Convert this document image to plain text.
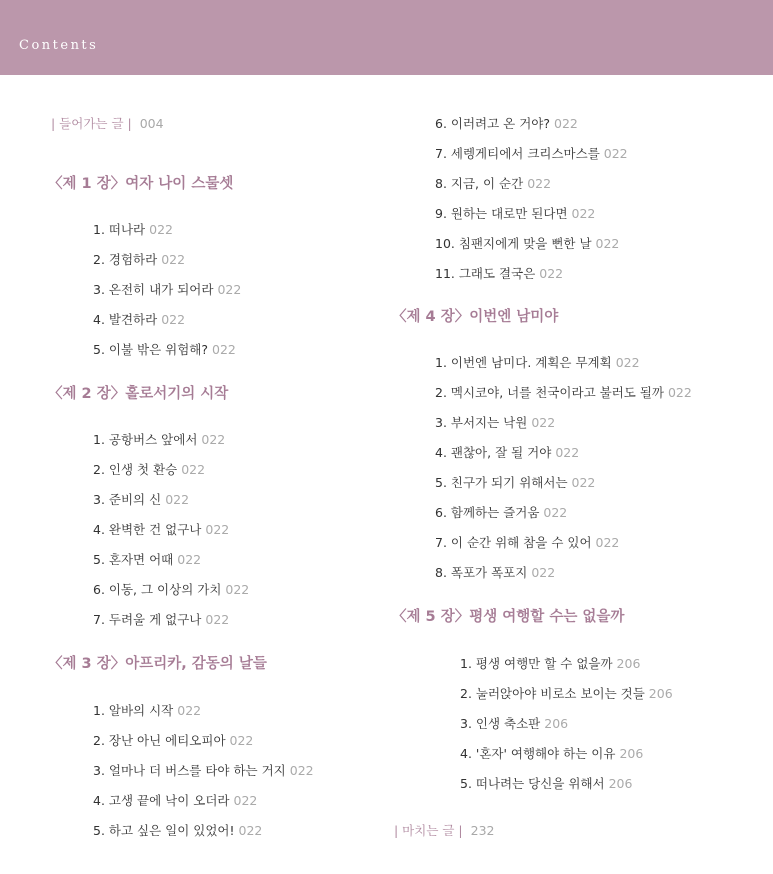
Contents
| 들어가는 글 | 004
〈제 1 장〉여자 나이 스물셋
1. 떠나라 022
2. 경험하라 022
3. 온전히 내가 되어라 022
4. 발견하라 022
5. 이불 밖은 위험해? 022
〈제 2 장〉홀로서기의 시작
1. 공항버스 앞에서 022
2. 인생 첫 환승 022
3. 준비의 신 022
4. 완벽한 건 없구나 022
5. 혼자면 어때 022
6. 이동, 그 이상의 가치 022
7. 두려울 게 없구나 022
〈제 3 장〉아프리카, 감동의 날들
1. 알바의 시작 022
2. 장난 아닌 에티오피아 022
3. 얼마나 더 버스를 타야 하는 거지 022
4. 고생 끝에 낙이 오더라 022
5. 하고 싶은 일이 있었어! 022
6. 이러려고 온 거야? 022
7. 세렝게티에서 크리스마스를 022
8. 지금, 이 순간 022
9. 원하는 대로만 된다면 022
10. 침팬지에게 맞을 뻔한 날 022
11. 그래도 결국은 022
〈제 4 장〉이번엔 남미야
1. 이번엔 남미다. 계획은 무계획 022
2. 멕시코야, 너를 천국이라고 불러도 될까 022
3. 부서지는 낙원 022
4. 괜찮아, 잘 될 거야 022
5. 친구가 되기 위해서는 022
6. 함께하는 즐거움 022
7. 이 순간 위해 참을 수 있어 022
8. 폭포가 폭포지 022
〈제 5 장〉평생 여행할 수는 없을까
1. 평생 여행만 할 수 없을까 206
2. 눌러앉아야 비로소 보이는 것들 206
3. 인생 축소판 206
4. '혼자' 여행해야 하는 이유 206
5. 떠나려는 당신을 위해서 206
| 마치는 글 | 232
